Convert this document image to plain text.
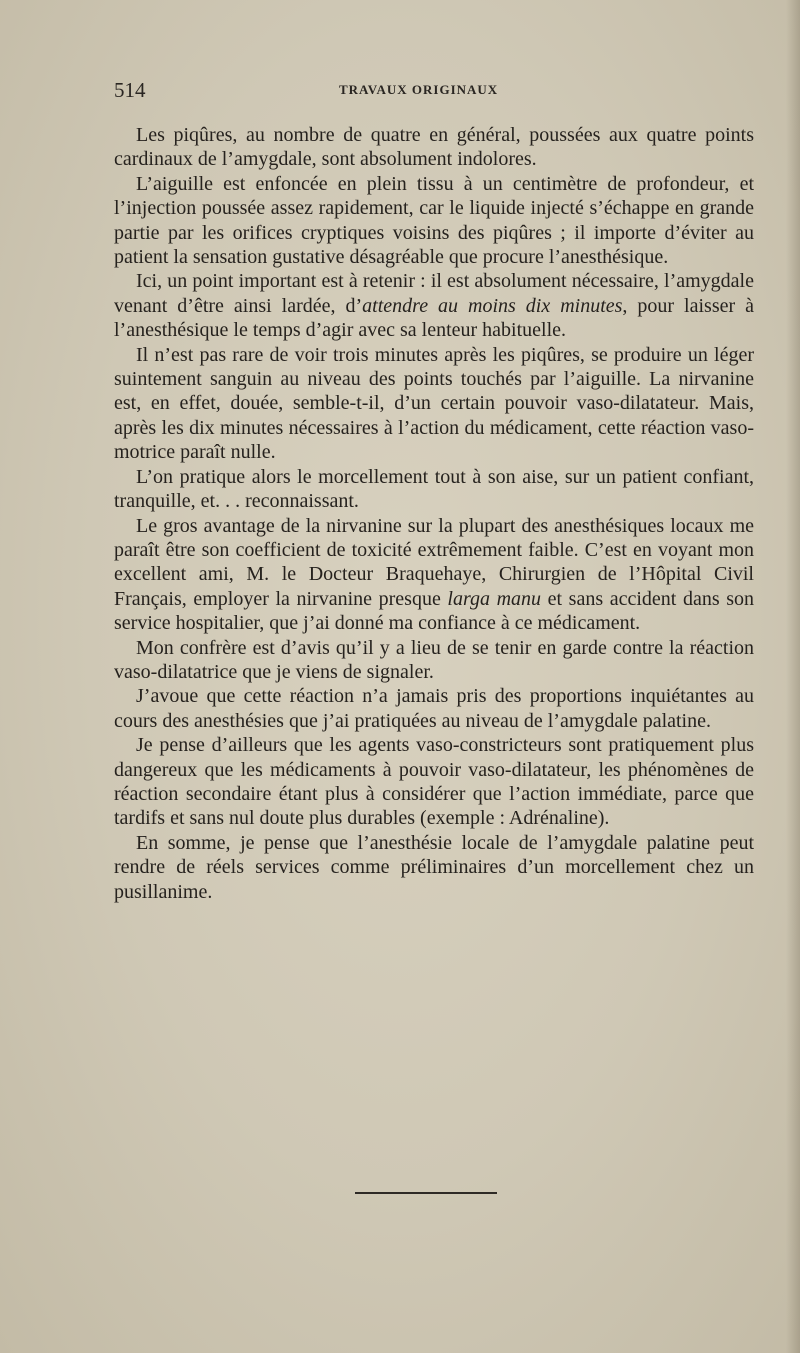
514	TRAVAUX ORIGINAUX

Les piqûres, au nombre de quatre en général, poussées aux quatre points cardinaux de l’amygdale, sont absolument indolores.

L’aiguille est enfoncée en plein tissu à un centimètre de profondeur, et l’injection poussée assez rapidement, car le liquide injecté s’échappe en grande partie par les orifices cryptiques voisins des piqûres ; il importe d’éviter au patient la sensation gustative désagréable que procure l’anesthésique.

Ici, un point important est à retenir : il est absolument nécessaire, l’amygdale venant d’être ainsi lardée, d’attendre au moins dix minutes, pour laisser à l’anesthésique le temps d’agir avec sa lenteur habituelle.

Il n’est pas rare de voir trois minutes après les piqûres, se produire un léger suintement sanguin au niveau des points touchés par l’aiguille. La nirvanine est, en effet, douée, semble-t-il, d’un certain pouvoir vaso-dilatateur. Mais, après les dix minutes nécessaires à l’action du médicament, cette réaction vaso-motrice paraît nulle.

L’on pratique alors le morcellement tout à son aise, sur un patient confiant, tranquille, et. . . reconnaissant.

Le gros avantage de la nirvanine sur la plupart des anesthésiques locaux me paraît être son coefficient de toxicité extrêmement faible. C’est en voyant mon excellent ami, M. le Docteur Braquehaye, Chirurgien de l’Hôpital Civil Français, employer la nirvanine presque larga manu et sans accident dans son service hospitalier, que j’ai donné ma confiance à ce médicament.

Mon confrère est d’avis qu’il y a lieu de se tenir en garde contre la réaction vaso-dilatatrice que je viens de signaler.

J’avoue que cette réaction n’a jamais pris des proportions inquiétantes au cours des anesthésies que j’ai pratiquées au niveau de l’amygdale palatine.

Je pense d’ailleurs que les agents vaso-constricteurs sont pratiquement plus dangereux que les médicaments à pouvoir vaso-dilatateur, les phénomènes de réaction secondaire étant plus à considérer que l’action immédiate, parce que tardifs et sans nul doute plus durables (exemple : Adrénaline).

En somme, je pense que l’anesthésie locale de l’amygdale palatine peut rendre de réels services comme préliminaires d’un morcellement chez un pusillanime.
